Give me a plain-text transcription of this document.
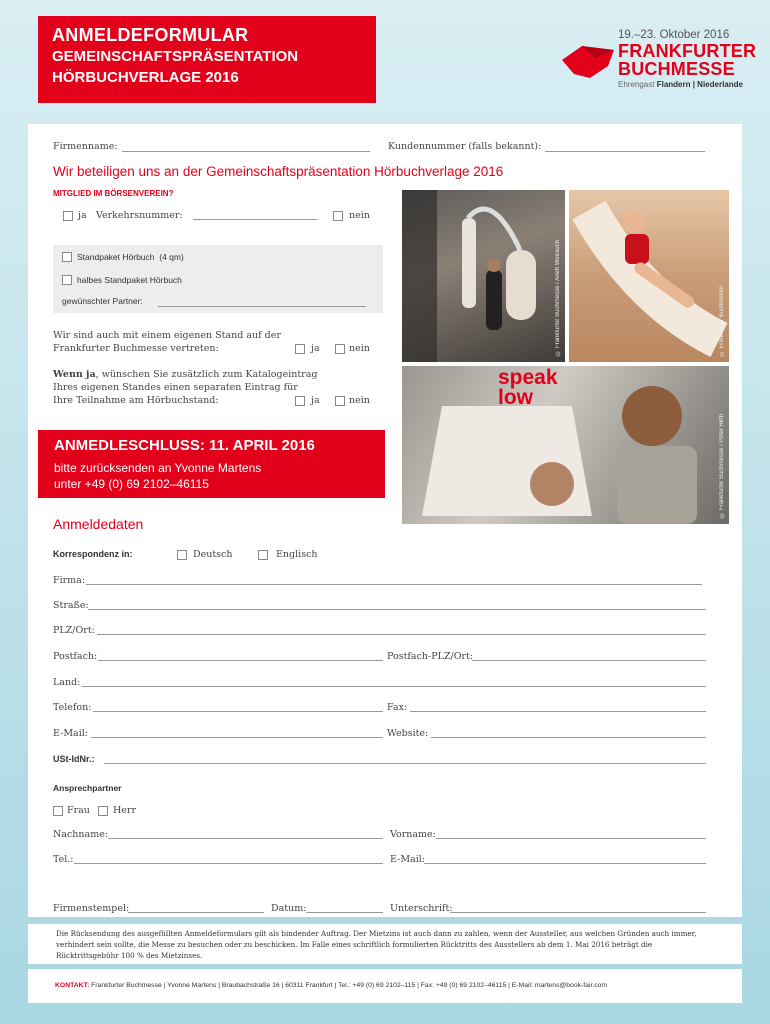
ANMELDEFORMULAR
GEMEINSCHAFTSPRÄSENTATION
HÖRBUCHVERLAGE 2016
19.–23. Oktober 2016
FRANKFURTER
BUCHMESSE
Ehrengast Flandern | Niederlande
Firmenname:	Kundennummer (falls bekannt):
Wir beteiligen uns an der Gemeinschaftspräsentation Hörbuchverlage 2016
MITGLIED IM BÖRSENVEREIN?
ja Verkehrsnummer:	nein
Standpaket Hörbuch (4 qm)
halbes Standpaket Hörbuch
gewünschter Partner:
Wir sind auch mit einem eigenen Stand auf der
Frankfurter Buchmesse vertreten:	ja	nein
Wenn ja, wünschen Sie zusätzlich zum Katalogeintrag
Ihres eigenen Standes einen separaten Eintrag für
Ihre Teilnahme am Hörbuchstand:	ja	nein
© Frankfurter Buchmesse / Anett Weirauch	© Frankfurter Buchmesse
speak
low
© Frankfurter Buchmesse / Peter Hirth
ANMEDLESCHLUSS: 11. APRIL 2016
bitte zurücksenden an Yvonne Martens
unter +49 (0) 69 2102–46115
Anmeldedaten
Korrespondenz in:	Deutsch	Englisch
Firma:
Straße:
PLZ/Ort:
Postfach:	Postfach-PLZ/Ort:
Land:
Telefon:	Fax:
E-Mail:	Website:
USt-IdNr.:
Ansprechpartner
Frau Herr
Nachname:	Vorname:
Tel.:	E-Mail:
Firmenstempel:	Datum:	Unterschrift:
Die Rücksendung des ausgefüllten Anmeldeformulars gilt als bindender Auftrag. Der Mietzins ist auch dann zu zahlen, wenn der Aussteller, aus welchen Gründen auch immer, verhindert sein sollte, die Messe zu besuchen oder zu beschicken. Im Falle eines schriftlich formulierten Rücktritts des Ausstellers ab dem 1. Mai 2016 beträgt die Rücktrittsgebühr 100 % des Mietzinses.
KONTAKT: Frankfurter Buchmesse | Yvonne Martens | Braubachstraße 16 | 60311 Frankfurt | Tel.: +49 (0) 69 2102–115 | Fax: +49 (0) 69 2102–46115 | E-Mail: martens@book-fair.com
